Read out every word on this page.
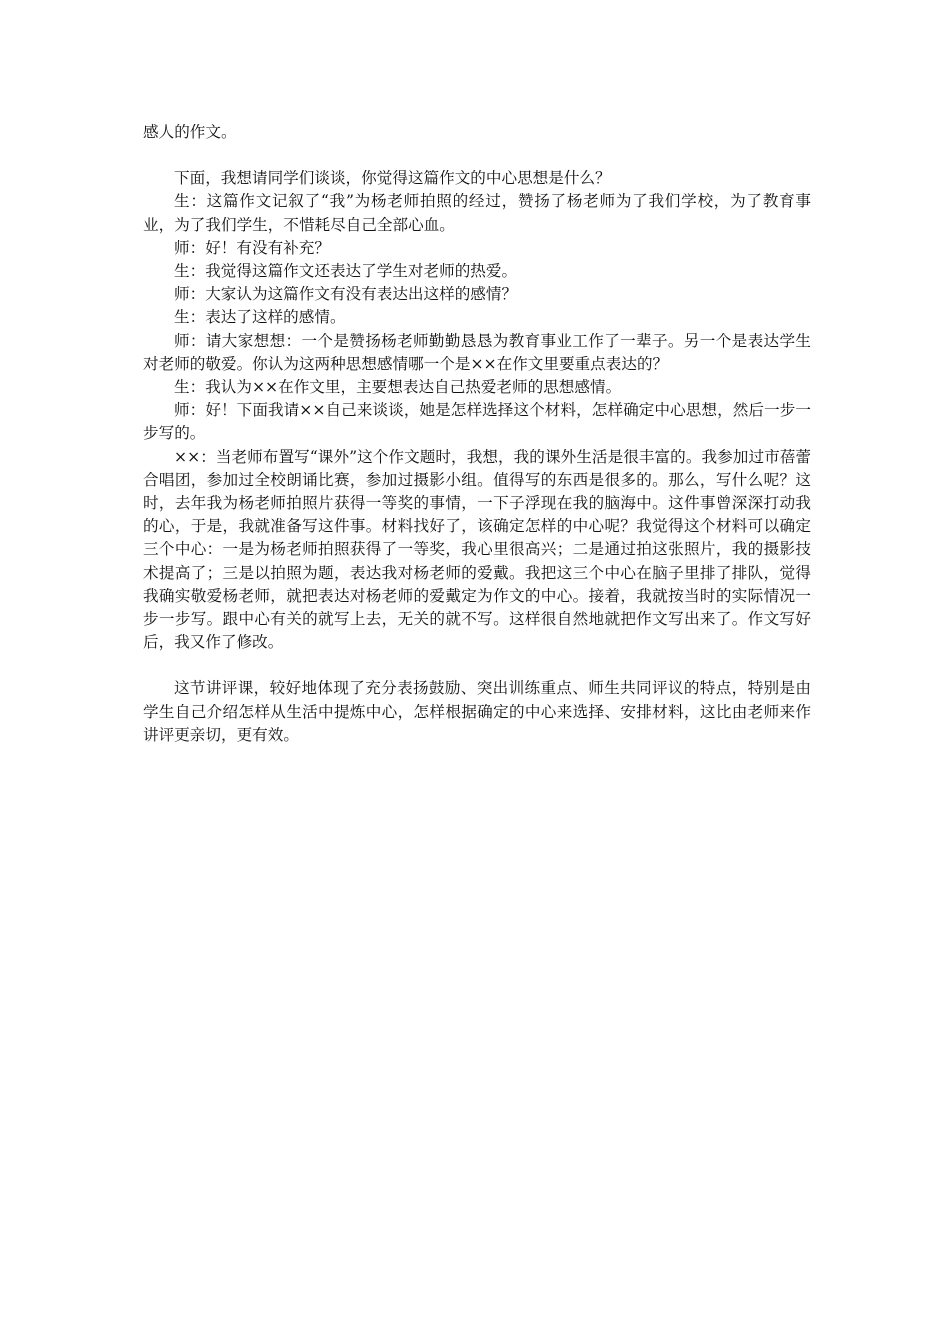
感人的作文。

下面，我想请同学们谈谈，你觉得这篇作文的中心思想是什么？

生：这篇作文记叙了“我”为杨老师拍照的经过，赞扬了杨老师为了我们学校，为了教育事业，为了我们学生，不惜耗尽自己全部心血。

师：好！有没有补充？

生：我觉得这篇作文还表达了学生对老师的热爱。

师：大家认为这篇作文有没有表达出这样的感情？

生：表达了这样的感情。

师：请大家想想：一个是赞扬杨老师勤勤恳恳为教育事业工作了一辈子。另一个是表达学生对老师的敬爱。你认为这两种思想感情哪一个是××在作文里要重点表达的？

生：我认为××在作文里，主要想表达自己热爱老师的思想感情。

师：好！下面我请××自己来谈谈，她是怎样选择这个材料，怎样确定中心思想，然后一步一步写的。

××：当老师布置写“课外”这个作文题时，我想，我的课外生活是很丰富的。我参加过市蓓蕾合唱团，参加过全校朗诵比赛，参加过摄影小组。值得写的东西是很多的。那么，写什么呢？这时，去年我为杨老师拍照片获得一等奖的事情，一下子浮现在我的脑海中。这件事曾深深打动我的心，于是，我就准备写这件事。材料找好了，该确定怎样的中心呢？我觉得这个材料可以确定三个中心：一是为杨老师拍照获得了一等奖，我心里很高兴；二是通过拍这张照片，我的摄影技术提高了；三是以拍照为题，表达我对杨老师的爱戴。我把这三个中心在脑子里排了排队，觉得我确实敬爱杨老师，就把表达对杨老师的爱戴定为作文的中心。接着，我就按当时的实际情况一步一步写。跟中心有关的就写上去，无关的就不写。这样很自然地就把作文写出来了。作文写好后，我又作了修改。

这节讲评课，较好地体现了充分表扬鼓励、突出训练重点、师生共同评议的特点，特别是由学生自己介绍怎样从生活中提炼中心，怎样根据确定的中心来选择、安排材料，这比由老师来作讲评更亲切，更有效。
